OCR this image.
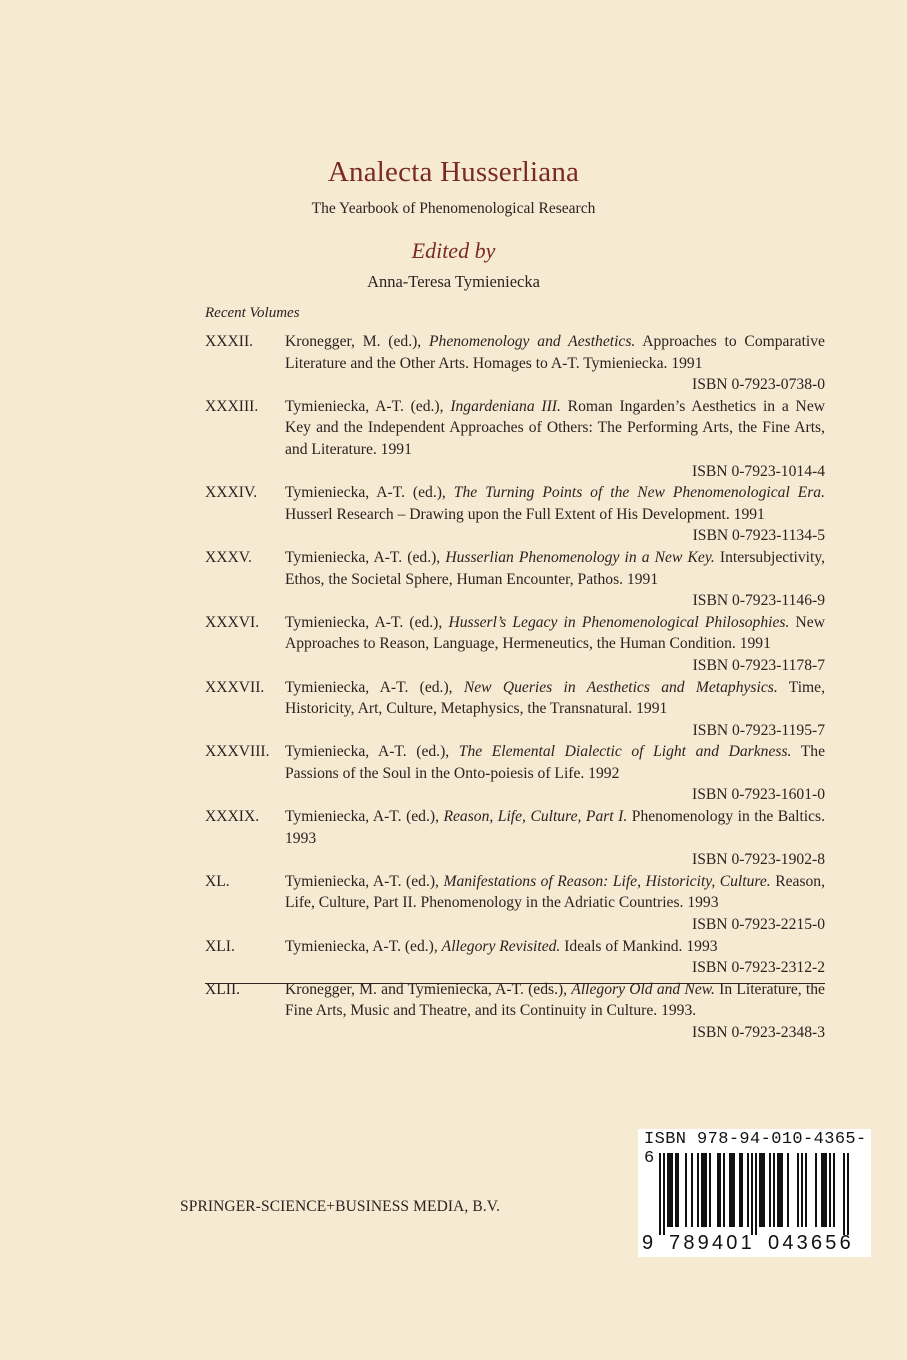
Analecta Husserliana
The Yearbook of Phenomenological Research
Edited by
Anna-Teresa Tymieniecka
Recent Volumes
XXXII.	Kronegger, M. (ed.), Phenomenology and Aesthetics. Approaches to Comparative Literature and the Other Arts. Homages to A-T. Tymieniecka. 1991
ISBN 0-7923-0738-0
XXXIII.	Tymieniecka, A-T. (ed.), Ingardeniana III. Roman Ingarden’s Aesthetics in a New Key and the Independent Approaches of Others: The Performing Arts, the Fine Arts, and Literature. 1991
ISBN 0-7923-1014-4
XXXIV.	Tymieniecka, A-T. (ed.), The Turning Points of the New Phenomenological Era. Husserl Research – Drawing upon the Full Extent of His Development. 1991
ISBN 0-7923-1134-5
XXXV.	Tymieniecka, A-T. (ed.), Husserlian Phenomenology in a New Key. Intersubjectivity, Ethos, the Societal Sphere, Human Encounter, Pathos. 1991
ISBN 0-7923-1146-9
XXXVI.	Tymieniecka, A-T. (ed.), Husserl’s Legacy in Phenomenological Philosophies. New Approaches to Reason, Language, Hermeneutics, the Human Condition. 1991
ISBN 0-7923-1178-7
XXXVII.	Tymieniecka, A-T. (ed.), New Queries in Aesthetics and Metaphysics. Time, Historicity, Art, Culture, Metaphysics, the Transnatural. 1991
ISBN 0-7923-1195-7
XXXVIII. Tymieniecka, A-T. (ed.), The Elemental Dialectic of Light and Darkness. The Passions of the Soul in the Onto-poiesis of Life. 1992
ISBN 0-7923-1601-0
XXXIX.	Tymieniecka, A-T. (ed.), Reason, Life, Culture, Part I. Phenomenology in the Baltics. 1993
ISBN 0-7923-1902-8
XL.	Tymieniecka, A-T. (ed.), Manifestations of Reason: Life, Historicity, Culture. Reason, Life, Culture, Part II. Phenomenology in the Adriatic Countries. 1993
ISBN 0-7923-2215-0
XLI.	Tymieniecka, A-T. (ed.), Allegory Revisited. Ideals of Mankind. 1993
ISBN 0-7923-2312-2
XLII.	Kronegger, M. and Tymieniecka, A-T. (eds.), Allegory Old and New. In Literature, the Fine Arts, Music and Theatre, and its Continuity in Culture. 1993.
ISBN 0-7923-2348-3
SPRINGER-SCIENCE+BUSINESS MEDIA, B.V.
ISBN 978-94-010-4365-6
9 789401 043656
